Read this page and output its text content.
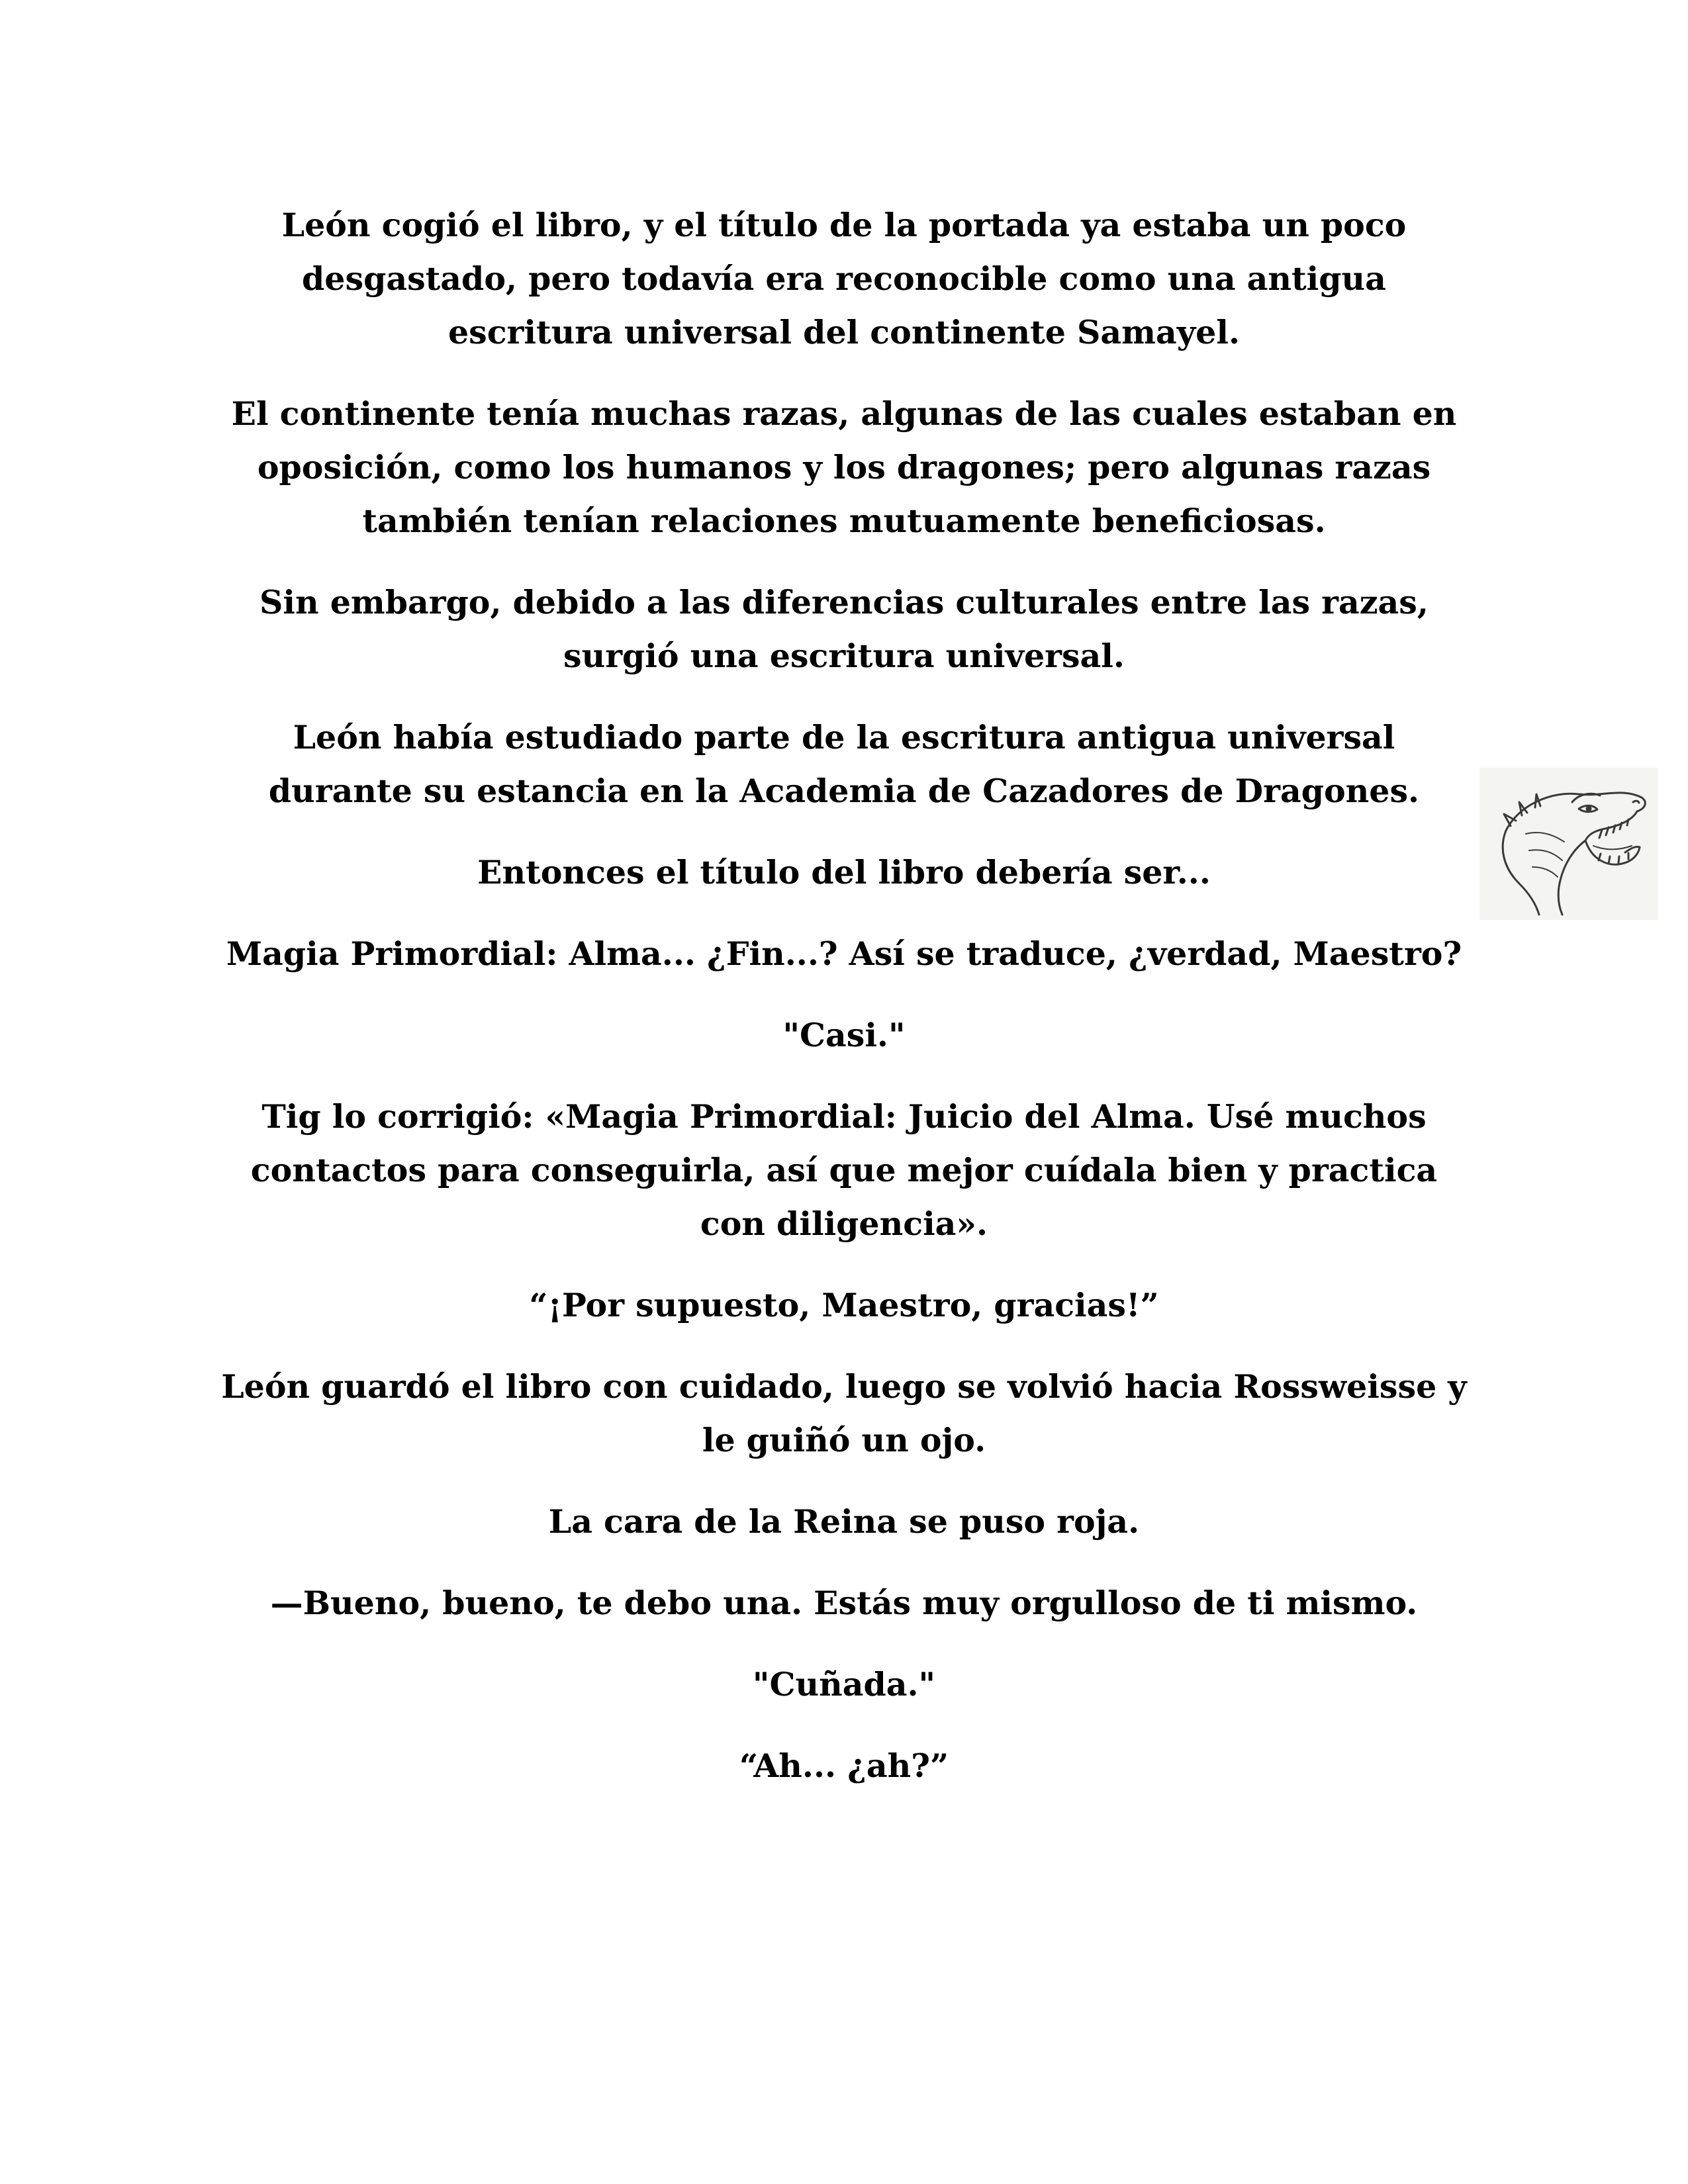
León cogió el libro, y el título de la portada ya estaba un poco desgastado, pero todavía era reconocible como una antigua escritura universal del continente Samayel.

El continente tenía muchas razas, algunas de las cuales estaban en oposición, como los humanos y los dragones; pero algunas razas también tenían relaciones mutuamente beneficiosas.

Sin embargo, debido a las diferencias culturales entre las razas, surgió una escritura universal.

León había estudiado parte de la escritura antigua universal durante su estancia en la Academia de Cazadores de Dragones.

Entonces el título del libro debería ser...

Magia Primordial: Alma... ¿Fin...? Así se traduce, ¿verdad, Maestro?

"Casi."

Tig lo corrigió: «Magia Primordial: Juicio del Alma. Usé muchos contactos para conseguirla, así que mejor cuídala bien y practica con diligencia».

“¡Por supuesto, Maestro, gracias!”

León guardó el libro con cuidado, luego se volvió hacia Rossweisse y le guiñó un ojo.

La cara de la Reina se puso roja.

—Bueno, bueno, te debo una. Estás muy orgulloso de ti mismo.

"Cuñada."

“Ah... ¿ah?”
